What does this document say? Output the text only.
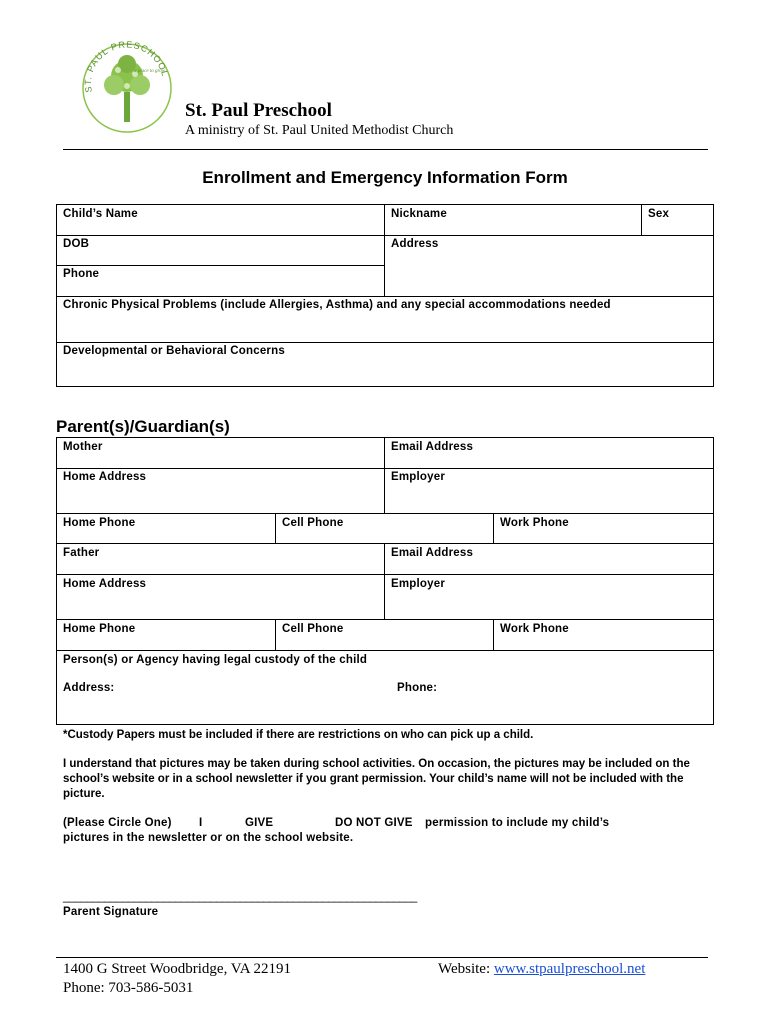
ST. PAUL PRESCHOOL
a place to grow
St. Paul Preschool
A ministry of St. Paul United Methodist Church
Enrollment and Emergency Information Form
Child’s Name	Nickname	Sex
DOB	Address
Phone
Chronic Physical Problems (include Allergies, Asthma) and any special accommodations needed
Developmental or Behavioral Concerns
Parent(s)/Guardian(s)
Mother	Email Address
Home Address	Employer
Home Phone	Cell Phone	Work Phone
Father	Email Address
Home Address	Employer
Home Phone	Cell Phone	Work Phone
Person(s) or Agency having legal custody of the child
Address:	Phone:
*Custody Papers must be included if there are restrictions on who can pick up a child.
I understand that pictures may be taken during school activities. On occasion, the pictures may be included on the school’s website or in a school newsletter if you grant permission. Your child’s name will not be included with the picture.
(Please Circle One) I	GIVE	DO NOT GIVE permission to include my child’s
pictures in the newsletter or on the school website.
____________________________________________________________
Parent Signature
1400 G Street Woodbridge, VA 22191
Phone: 703-586-5031
Website: www.stpaulpreschool.net
